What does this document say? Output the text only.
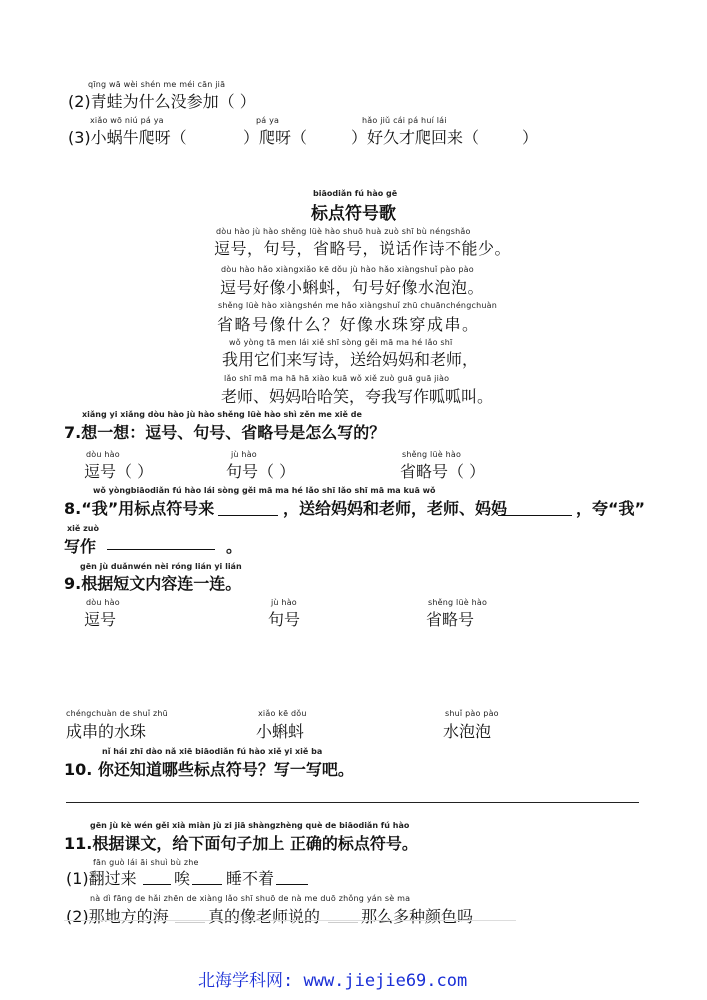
qīng wā wèi shén me méi cān jiā
(2)青蛙为什么没参加（ ）
xiǎo wō niú pá ya	pá ya	hǎo jiǔ cái pá huí lái
(3)小蜗牛爬呀（	）爬呀（	）好久才爬回来（	）
biāodiǎn fú hào gē
标点符号歌
dòu hào jù hào shěng lüè hào shuō huà zuò shī bù néngshǎo
逗号，句号，省略号，说话作诗不能少。
dòu hào hǎo xiàngxiǎo kē dǒu jù hào hǎo xiàngshuǐ pào pào
逗号好像小蝌蚪，句号好像水泡泡。
shěng lüè hào xiàngshén me hǎo xiàngshuǐ zhū chuānchéngchuàn
省略号像什么？好像水珠穿成串。
wǒ yòng tā men lái xiě shī sòng gěi mā ma hé lǎo shī
我用它们来写诗，送给妈妈和老师，
lǎo shī mā ma hā hā xiào kuā wǒ xiě zuò guā guā jiào
老师、妈妈哈哈笑，夸我写作呱呱叫。
xiǎng yi xiǎng dòu hào jù hào shěng lüè hào shì zěn me xiě de
7.想一想：逗号、句号、省略号是怎么写的？
dòu hào
逗号（ ）
jù hào
句号（ ）
shěng lüè hào
省略号（ ）
wǒ yòngbiāodiǎn fú hào lái sòng gěi mā ma hé lǎo shī lǎo shī mā ma kuā wǒ
8.“我”用标点符号来	，送给妈妈和老师，老师、妈妈	，夸“我”
xiě zuò
写作	。
gēn jù duǎnwén nèi róng lián yi lián
9.根据短文内容连一连。
dòu hào
逗号
jù hào
句号
shěng lüè hào
省略号
chéngchuàn de shuǐ zhū
成串的水珠
xiǎo kē dǒu
小蝌蚪
shuǐ pào pào
水泡泡
nǐ hái zhī dào nǎ xiē biāodiǎn fú hào xiě yi xiě ba
10. 你还知道哪些标点符号？写一写吧。
gēn jù kè wén gěi xià miàn jù zi jiā shàngzhèng què de biāodiǎn fú hào
11.根据课文，给下面句子加上 正确的标点符号。
fān guò lái āi shuì bù zhe
(1)翻过来 唉 睡不着
nà dì fāng de hǎi zhēn de xiàng lǎo shī shuō de nà me duō zhǒng yán sè ma
(2)那地方的海 真的像老师说的	那么多种颜色吗
北海学科网: www.jiejie69.com
